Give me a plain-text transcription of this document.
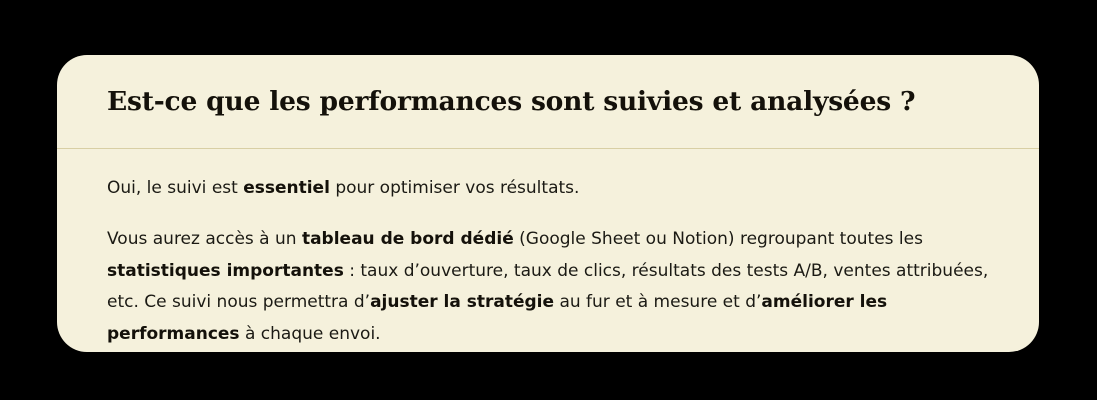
Est-ce que les performances sont suivies et analysées ?

Oui, le suivi est essentiel pour optimiser vos résultats.

Vous aurez accès à un tableau de bord dédié (Google Sheet ou Notion) regroupant toutes les statistiques importantes : taux d’ouverture, taux de clics, résultats des tests A/B, ventes attribuées, etc. Ce suivi nous permettra d’ajuster la stratégie au fur et à mesure et d’améliorer les performances à chaque envoi.
